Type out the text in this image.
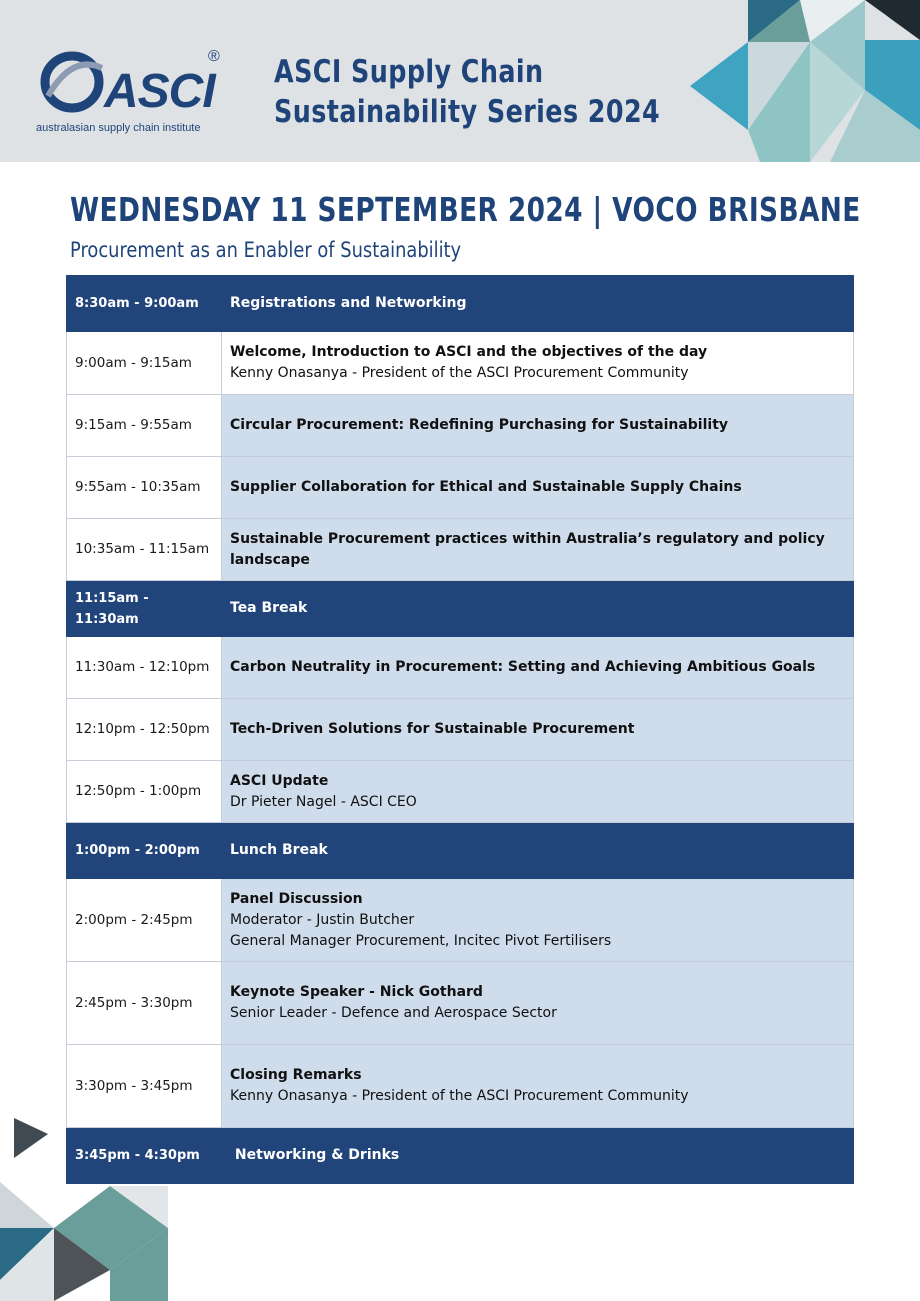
ASCI
®
australasian supply chain institute
ASCI Supply Chain
Sustainability Series 2024
WEDNESDAY 11 SEPTEMBER 2024 | VOCO BRISBANE
Procurement as an Enabler of Sustainability
8:30am - 9:00am	Registrations and Networking

9:00am - 9:15am	Welcome, Introduction to ASCI and the objectives of the day
Kenny Onasanya - President of the ASCI Procurement Community

9:15am - 9:55am	Circular Procurement: Redefining Purchasing for Sustainability

9:55am - 10:35am	Supplier Collaboration for Ethical and Sustainable Supply Chains

10:35am - 11:15am	Sustainable Procurement practices within Australia’s regulatory and policy landscape

11:15am - 11:30am	Tea Break

11:30am - 12:10pm	Carbon Neutrality in Procurement: Setting and Achieving Ambitious Goals

12:10pm - 12:50pm	Tech-Driven Solutions for Sustainable Procurement

12:50pm - 1:00pm	ASCI Update
Dr Pieter Nagel - ASCI CEO

1:00pm - 2:00pm	Lunch Break

2:00pm - 2:45pm	Panel Discussion
Moderator - Justin Butcher
General Manager Procurement, Incitec Pivot Fertilisers

2:45pm - 3:30pm	Keynote Speaker - Nick Gothard
Senior Leader - Defence and Aerospace Sector

3:30pm - 3:45pm	Closing Remarks
Kenny Onasanya - President of the ASCI Procurement Community

3:45pm - 4:30pm	Networking & Drinks
